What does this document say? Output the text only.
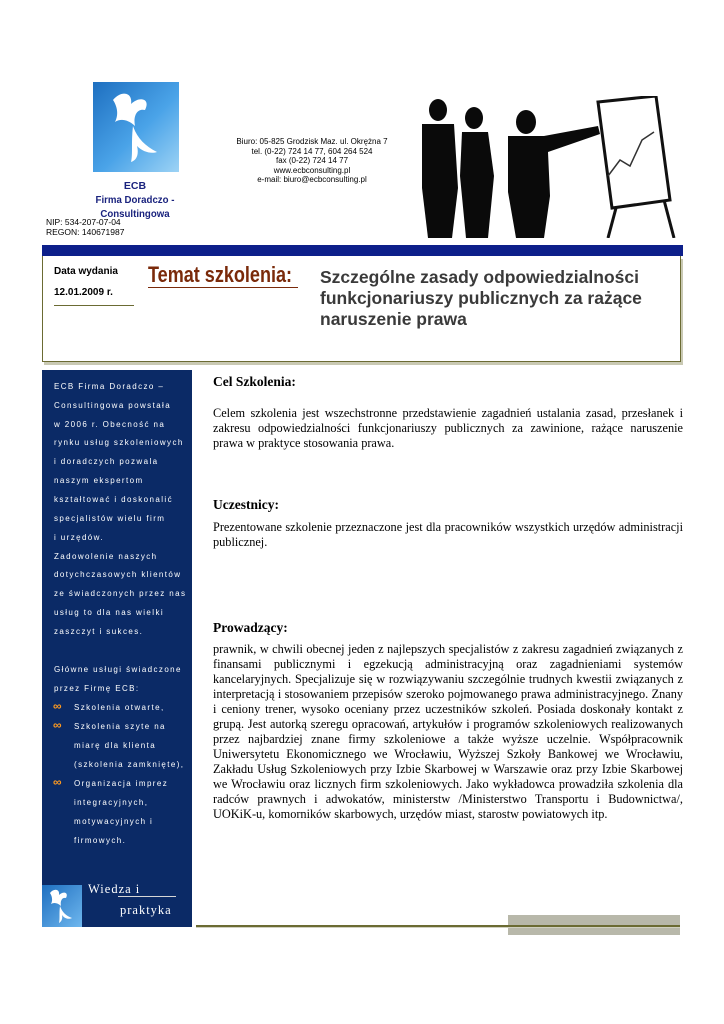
ECB
Firma Doradczo - Consultingowa
NIP: 534-207-07-04
REGON: 140671987
Biuro: 05-825 Grodzisk Maz. ul. Okrężna 7
tel. (0-22) 724 14 77, 604 264 524
fax (0-22) 724 14 77
www.ecbconsulting.pl
e-mail: biuro@ecbconsulting.pl
Data wydania
12.01.2009 r.
Temat szkolenia: Szczególne zasady odpowiedzialności funkcjonariuszy publicznych za rażące naruszenie prawa
ECB Firma Doradczo –
Consultingowa powstała
w 2006 r. Obecność na
rynku usług szkoleniowych
i doradczych pozwala
naszym ekspertom
kształtować i doskonalić
specjalistów wielu firm
i urzędów.
Zadowolenie naszych
dotychczasowych klientów
ze świadczonych przez nas
usług to dla nas wielki
zaszczyt i sukces.
Główne usługi świadczone
przez Firmę ECB:
∞ Szkolenia otwarte,
∞ Szkolenia szyte na
miarę dla klienta
(szkolenia zamknięte),
∞ Organizacja imprez
integracyjnych,
motywacyjnych i
firmowych.
Wiedza i
praktyka
Cel Szkolenia:
Celem szkolenia jest wszechstronne przedstawienie zagadnień ustalania zasad, przesłanek i zakresu odpowiedzialności funkcjonariuszy publicznych za zawinione, rażące naruszenie prawa w praktyce stosowania prawa.
Uczestnicy:
Prezentowane szkolenie przeznaczone jest dla pracowników wszystkich urzędów administracji publicznej.
Prowadzący:
prawnik, w chwili obecnej jeden z najlepszych specjalistów z zakresu zagadnień związanych z finansami publicznymi i egzekucją administracyjną oraz zagadnieniami systemów kancelaryjnych. Specjalizuje się w rozwiązywaniu szczególnie trudnych kwestii związanych z interpretacją i stosowaniem przepisów szeroko pojmowanego prawa administracyjnego. Znany i ceniony trener, wysoko oceniany przez uczestników szkoleń. Posiada doskonały kontakt z grupą. Jest autorką szeregu opracowań, artykułów i programów szkoleniowych realizowanych przez najbardziej znane firmy szkoleniowe a także wyższe uczelnie. Współpracownik Uniwersytetu Ekonomicznego we Wrocławiu, Wyższej Szkoły Bankowej we Wrocławiu, Zakładu Usług Szkoleniowych przy Izbie Skarbowej w Warszawie oraz przy Izbie Skarbowej we Wrocławiu oraz licznych firm szkoleniowych. Jako wykładowca prowadziła szkolenia dla radców prawnych i adwokatów, ministerstw /Ministerstwo Transportu i Budownictwa/, UOKiK-u, komorników skarbowych, urzędów miast, starostw powiatowych itp.
